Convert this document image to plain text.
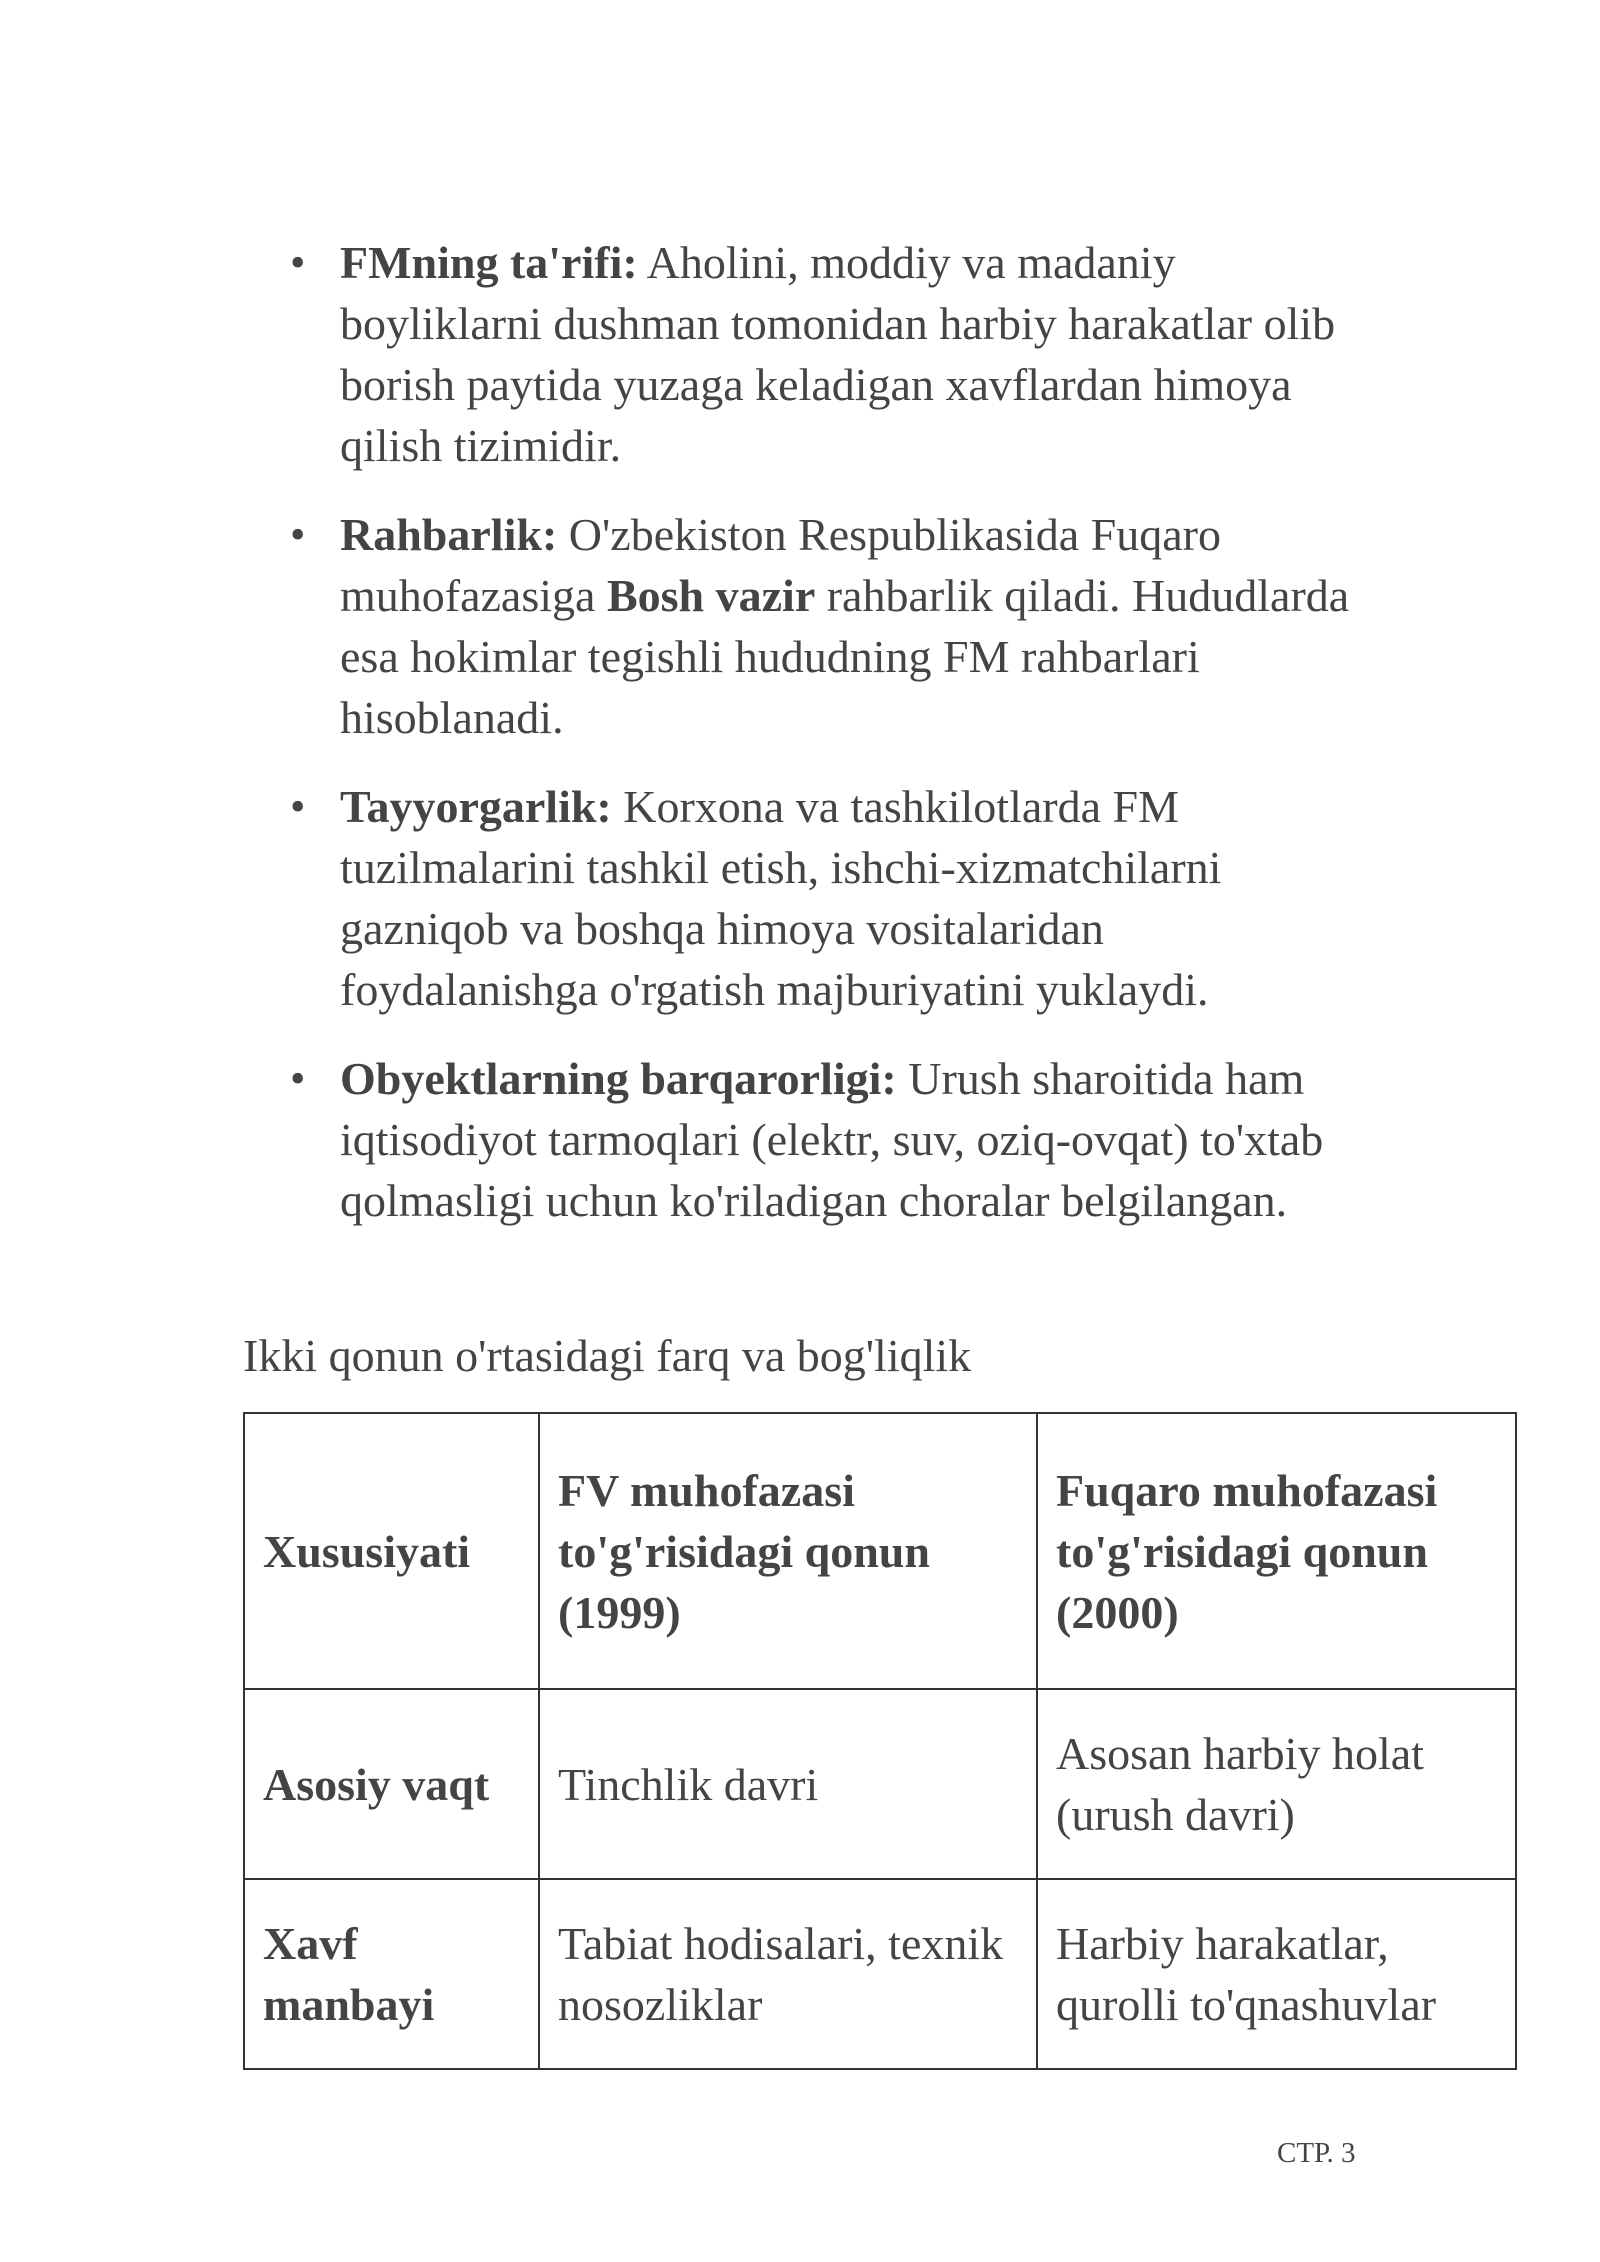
• FMning ta'rifi: Aholini, moddiy va madaniy boyliklarni dushman tomonidan harbiy harakatlar olib borish paytida yuzaga keladigan xavflardan himoya qilish tizimidir.
• Rahbarlik: O'zbekiston Respublikasida Fuqaro muhofazasiga Bosh vazir rahbarlik qiladi. Hududlarda esa hokimlar tegishli hududning FM rahbarlari hisoblanadi.
• Tayyorgarlik: Korxona va tashkilotlarda FM tuzilmalarini tashkil etish, ishchi-xizmatchilarni gazniqob va boshqa himoya vositalaridan foydalanishga o'rgatish majburiyatini yuklaydi.
• Obyektlarning barqarorligi: Urush sharoitida ham iqtisodiyot tarmoqlari (elektr, suv, oziq-ovqat) to'xtab qolmasligi uchun ko'riladigan choralar belgilangan.

Ikki qonun o'rtasidagi farq va bog'liqlik

Xususiyati	FV muhofazasi to'g'risidagi qonun (1999)	Fuqaro muhofazasi to'g'risidagi qonun (2000)
Asosiy vaqt	Tinchlik davri	Asosan harbiy holat (urush davri)
Xavf manbayi	Tabiat hodisalari, texnik nosozliklar	Harbiy harakatlar, qurolli to'qnashuvlar
СТР. 3
